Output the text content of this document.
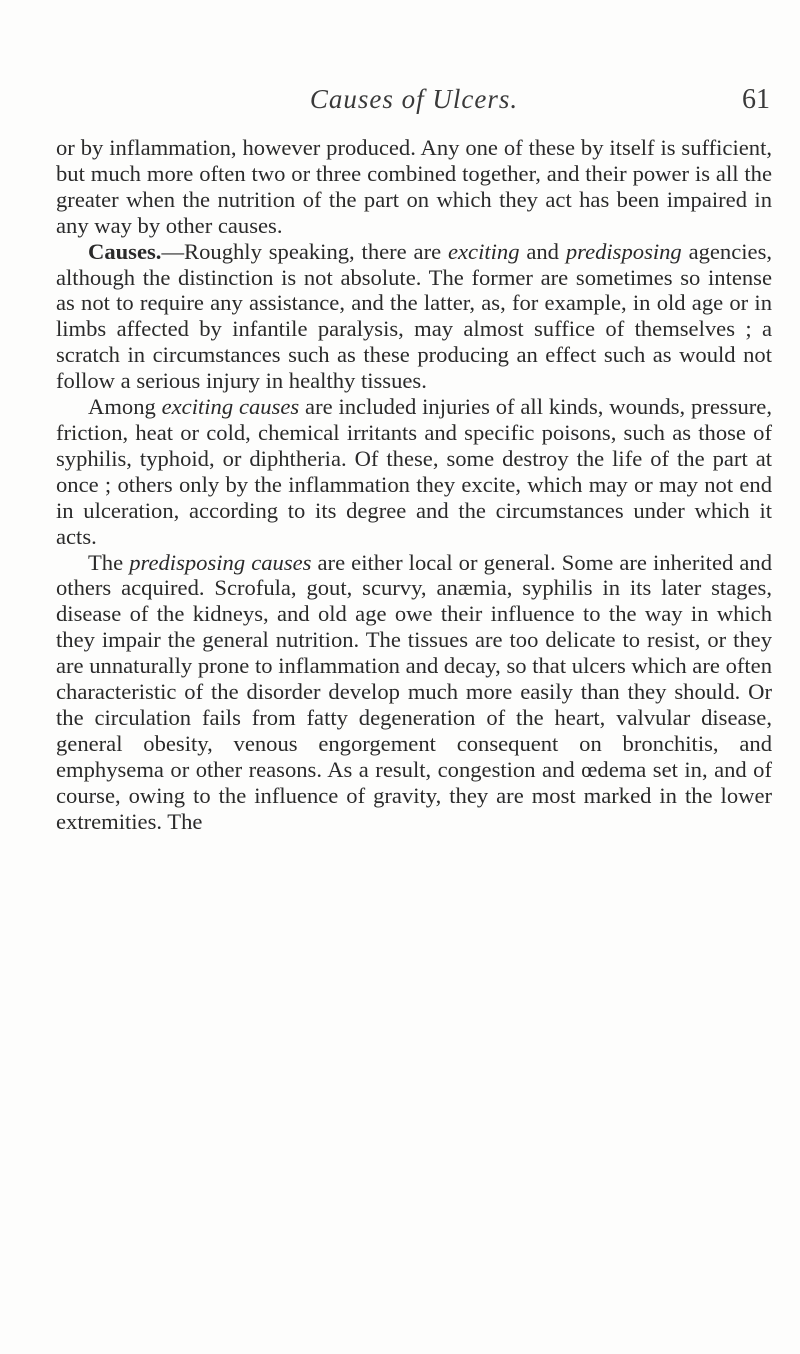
Causes of Ulcers.	61

or by inflammation, however produced. Any one of these by itself is sufficient, but much more often two or three combined together, and their power is all the greater when the nutrition of the part on which they act has been impaired in any way by other causes.

Causes.—Roughly speaking, there are exciting and predisposing agencies, although the distinction is not absolute. The former are sometimes so intense as not to require any assistance, and the latter, as, for example, in old age or in limbs affected by infantile paralysis, may almost suffice of themselves ; a scratch in circumstances such as these producing an effect such as would not follow a serious injury in healthy tissues.

Among exciting causes are included injuries of all kinds, wounds, pressure, friction, heat or cold, chemical irritants and specific poisons, such as those of syphilis, typhoid, or diphtheria. Of these, some destroy the life of the part at once ; others only by the inflammation they excite, which may or may not end in ulceration, according to its degree and the circumstances under which it acts.

The predisposing causes are either local or general. Some are inherited and others acquired. Scrofula, gout, scurvy, anæmia, syphilis in its later stages, disease of the kidneys, and old age owe their influence to the way in which they impair the general nutrition. The tissues are too delicate to resist, or they are unnaturally prone to inflammation and decay, so that ulcers which are often characteristic of the disorder develop much more easily than they should. Or the circulation fails from fatty degeneration of the heart, valvular disease, general obesity, venous engorgement consequent on bronchitis, and emphysema or other reasons. As a result, congestion and œdema set in, and of course, owing to the influence of gravity, they are most marked in the lower extremities. The
